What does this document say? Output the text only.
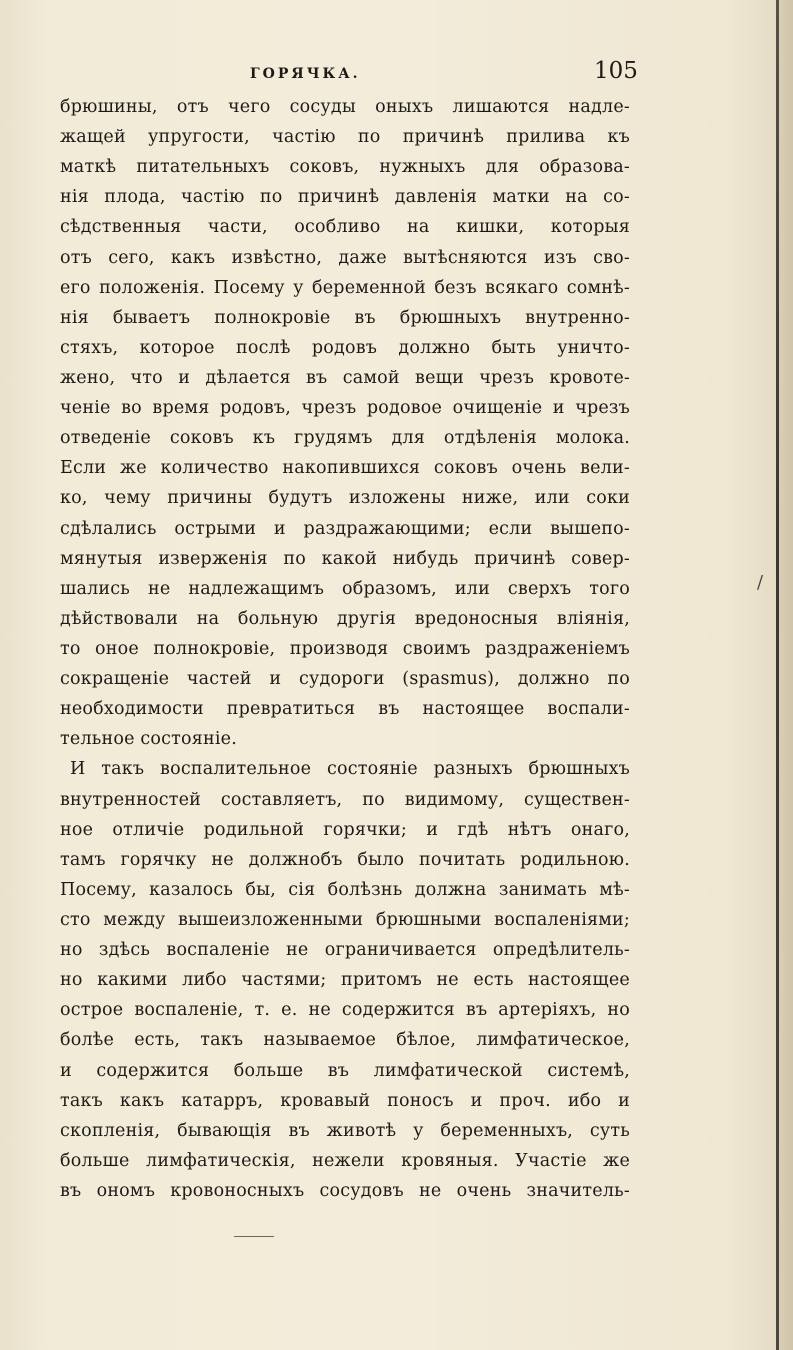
ГОРЯЧКА.	105
брюшины, отъ чего сосуды оныхъ лишаются надле-
жащей упругости, частію по причинѣ прилива къ
маткѣ питательныхъ соковъ, нужныхъ для образова-
нія плода, частію по причинѣ давленія матки на со-
сѣдственныя части, особливо на кишки, которыя
отъ сего, какъ извѣстно, даже вытѣсняются изъ сво-
его положенія. Посему у беременной безъ всякаго сомнѣ-
нія бываетъ полнокровіе въ брюшныхъ внутренно-
стяхъ, которое послѣ родовъ должно быть уничто-
жено, что и дѣлается въ самой вещи чрезъ кровоте-
ченіе во время родовъ, чрезъ родовое очищеніе и чрезъ
отведеніе соковъ къ грудямъ для отдѣленія молока.
Если же количество накопившихся соковъ очень вели-
ко, чему причины будутъ изложены ниже, или соки
сдѣлались острыми и раздражающими; если вышепо-
мянутыя изверженія по какой нибудь причинѣ совер-
шались не надлежащимъ образомъ, или сверхъ того
дѣйствовали на больную другія вредоносныя вліянія,
то оное полнокровіе, производя своимъ раздраженіемъ
сокращеніе частей и судороги (spasmus), должно по
необходимости превратиться въ настоящее воспали-
тельное состояніе.
И такъ воспалительное состояніе разныхъ брюшныхъ
внутренностей составляетъ, по видимому, существен-
ное отличіе родильной горячки; и гдѣ нѣтъ онаго,
тамъ горячку не должнобъ было почитать родильною.
Посему, казалось бы, сія болѣзнь должна занимать мѣ-
сто между вышеизложенными брюшными воспаленіями;
но здѣсь воспаленіе не ограничивается опредѣлитель-
но какими либо частями; притомъ не есть настоящее
острое воспаленіе, т. е. не содержится въ артеріяхъ, но
болѣе есть, такъ называемое бѣлое, лимфатическое,
и содержится больше въ лимфатической системѣ,
такъ какъ катарръ, кровавый поносъ и проч. ибо и
скопленія, бывающія въ животѣ у беременныхъ, суть
больше лимфатическія, нежели кровяныя. Участіе же
въ ономъ кровоносныхъ сосудовъ не очень значитель-
/
